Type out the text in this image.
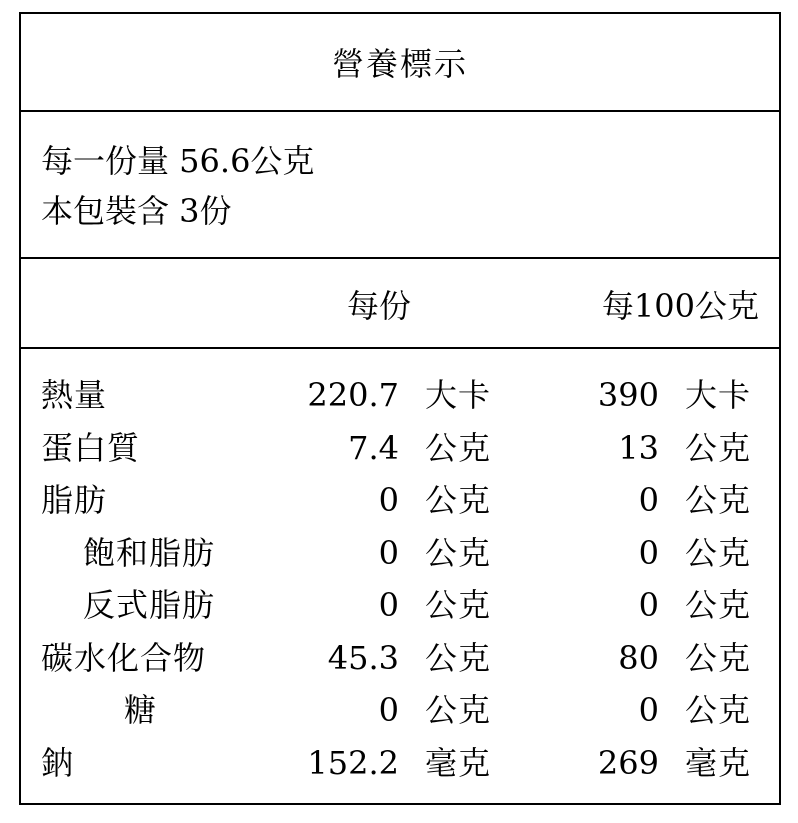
營養標示
每一份量 56.6公克
本包裝含 3份
每份	每100公克
熱量	220.7 大卡	390 大卡
蛋白質	7.4 公克	13 公克
脂肪	0 公克	0 公克
飽和脂肪	0 公克	0 公克
反式脂肪	0 公克	0 公克
碳水化合物	45.3 公克	80 公克
糖	0 公克	0 公克
鈉	152.2 毫克	269 毫克
